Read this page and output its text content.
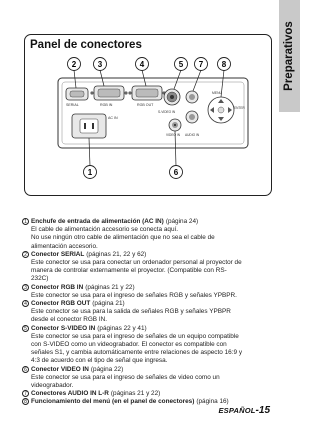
Preparativos
Panel de conectores
SERIAL	RGB IN	RGB OUT
AC IN
S-VIDEO IN
VIDEO IN AUDIO IN
MENU
ENTER
2	3	4	5 7 8
1	6
1 Enchufe de entrada de alimentación (AC IN) (página 24)
El cable de alimentación accesorio se conecta aquí.
No use ningún otro cable de alimentación que no sea el cable de
alimentación accesorio.
2 Conector SERIAL (páginas 21, 22 y 62)
Este conector se usa para conectar un ordenador personal al proyector de
manera de controlar externamente el proyector. (Compatible con RS-
232C)
3 Conector RGB IN (páginas 21 y 22)
Este conector se usa para el ingreso de señales RGB y señales YPBPR.
4 Conector RGB OUT (página 21)
Este conector se usa para la salida de señales RGB y señales YPBPR
desde el conector RGB IN.
5 Conector S-VIDEO IN (páginas 22 y 41)
Este conector se usa para el ingreso de señales de un equipo compatible
con S-VIDEO como un videograbador. El conector es compatible con
señales S1, y cambia automáticamente entre relaciones de aspecto 16:9 y
4:3 de acuerdo con el tipo de señal que ingresa.
6 Conector VIDEO IN (página 22)
Este conector se usa para el ingreso de señales de video como un
videograbador.
7 Conectores AUDIO IN L-R (páginas 21 y 22)
8 Funcionamiento del menú (en el panel de conectores) (página 16)
ESPAÑOL-15
